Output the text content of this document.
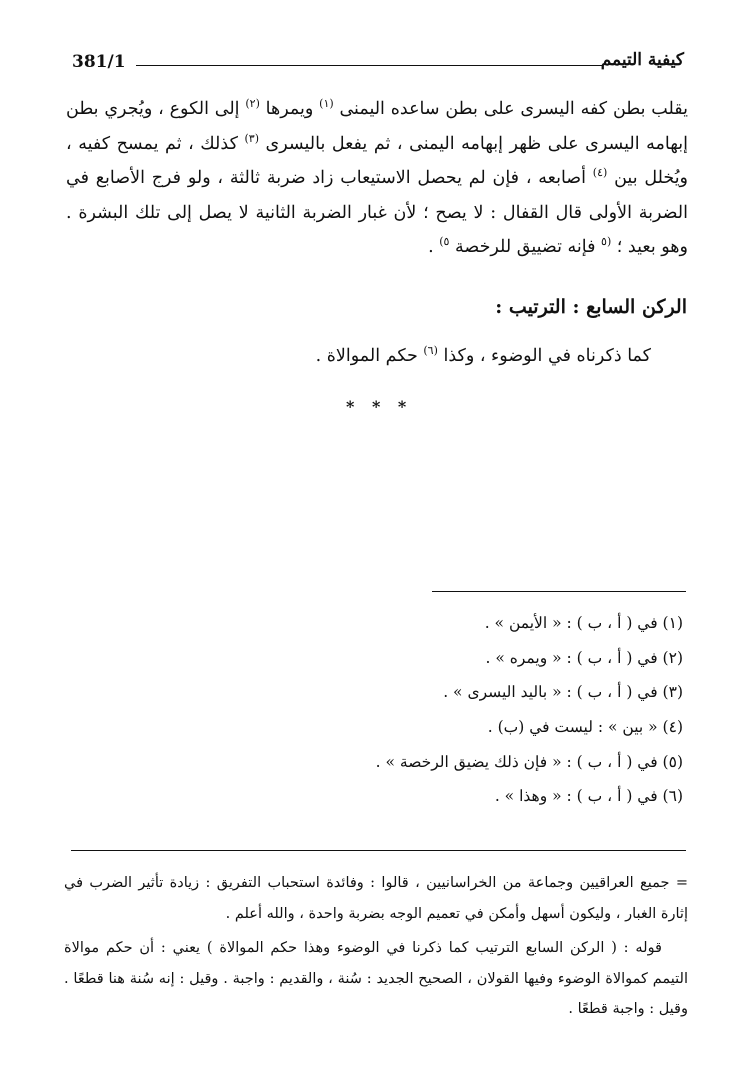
381/1	كيفية التيمم

يقلب بطن كفه اليسرى على بطن ساعده اليمنى $^{(١)}$ ويمرها $^{(٢)}$ إلى الكوع ، ويُجري بطن إبهامه اليسرى على ظهر إبهامه اليمنى ، ثم يفعل باليسرى $^{(٣)}$ كذلك ، ثم يمسح كفيه ، ويُخلل بين $^{(٤)}$ أصابعه ، فإن لم يحصل الاستيعاب زاد ضربة ثالثة ، ولو فرج الأصابع في الضربة الأولى قال القفال : لا يصح ؛ لأن غبار الضربة الثانية لا يصل إلى تلك البشرة . وهو بعيد ؛ $^{(٥}$ فإنه تضييق للرخصة $^{٥)}$ .

الركن السابع : الترتيب :
كما ذكرناه في الوضوء ، وكذا $^{(٦)}$ حكم الموالاة .
* * *
(١) في ( أ ، ب ) : « الأيمن » .
(٢) في ( أ ، ب ) : « ويمره » .
(٣) في ( أ ، ب ) : « باليد اليسرى » .
(٤) « بين » : ليست في (ب) .
(٥) في ( أ ، ب ) : « فإن ذلك يضيق الرخصة » .
(٦) في ( أ ، ب ) : « وهذا » .

= جميع العراقيين وجماعة من الخراسانيين ، قالوا : وفائدة استحباب التفريق : زيادة تأثير الضرب في إثارة الغبار ، وليكون أسهل وأمكن في تعميم الوجه بضربة واحدة ، والله أعلم .

قوله : ( الركن السابع الترتيب كما ذكرنا في الوضوء وهذا حكم الموالاة ) يعني : أن حكم موالاة التيمم كموالاة الوضوء وفيها القولان ، الصحيح الجديد : سُنة ، والقديم : واجبة . وقيل : إنه سُنة هنا قطعًا . وقيل : واجبة قطعًا .
